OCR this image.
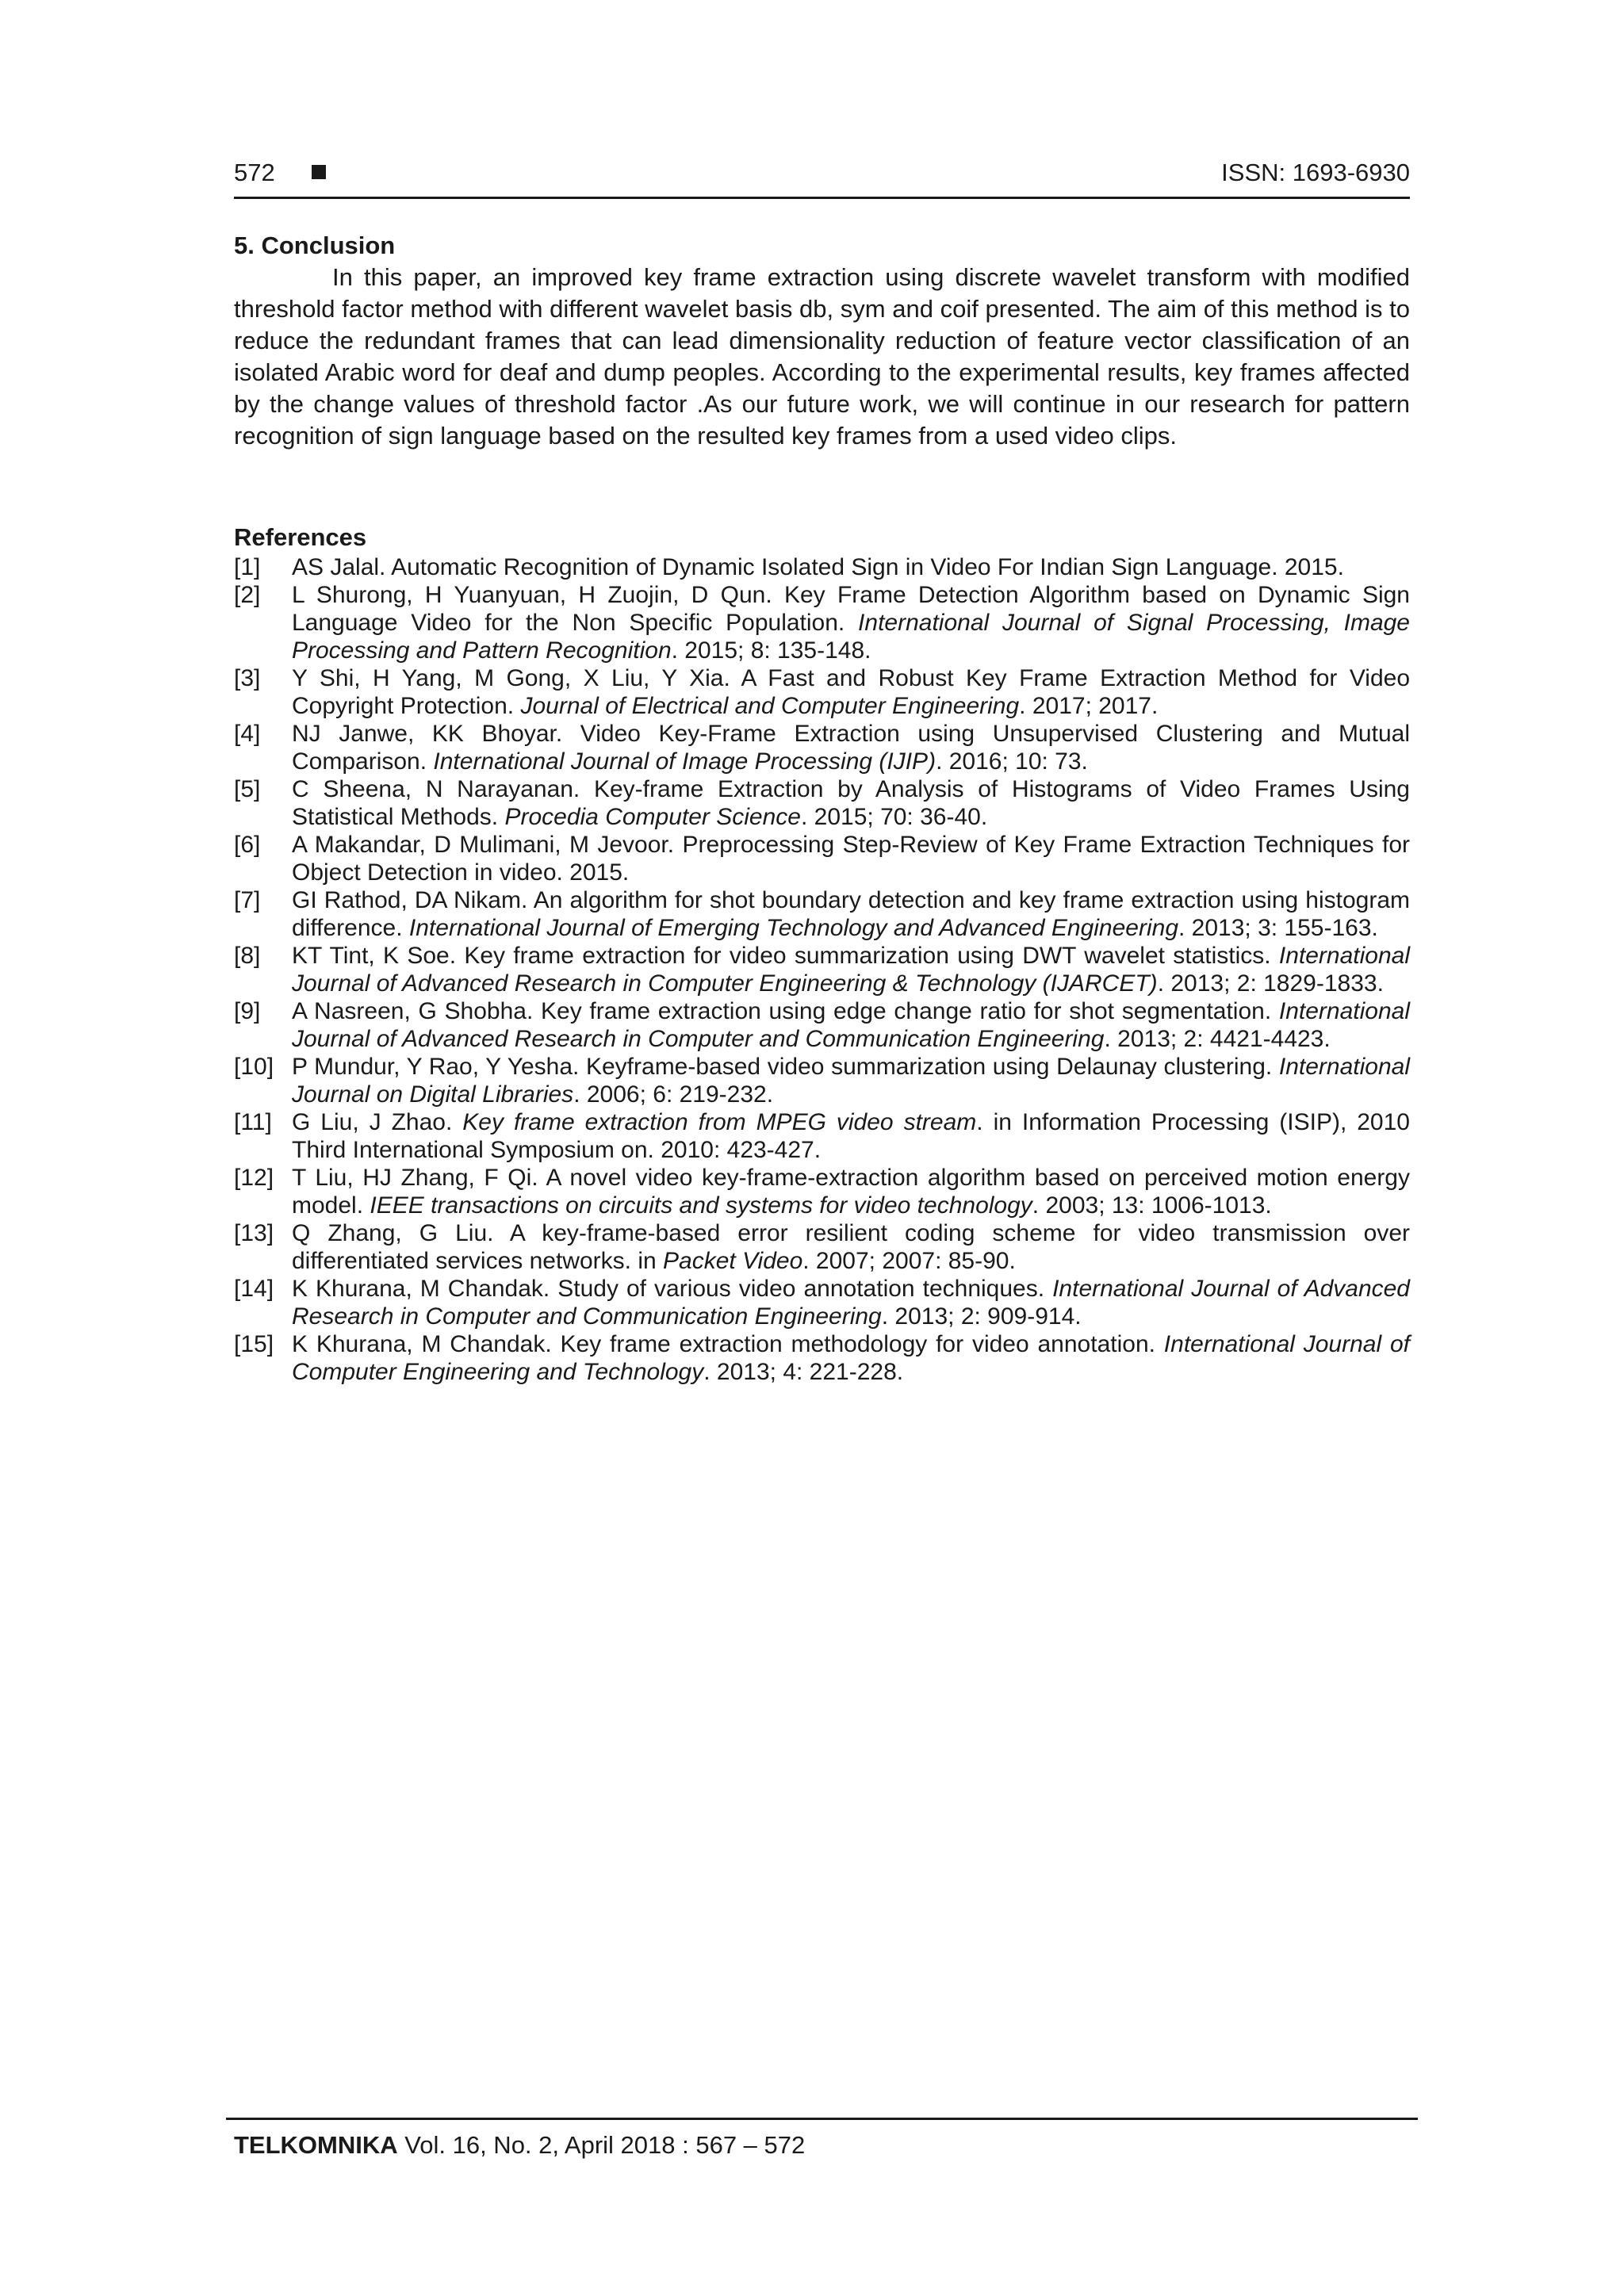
572	ISSN: 1693-6930
5. Conclusion

In this paper, an improved key frame extraction using discrete wavelet transform with modified threshold factor method with different wavelet basis db, sym and coif presented. The aim of this method is to reduce the redundant frames that can lead dimensionality reduction of feature vector classification of an isolated Arabic word for deaf and dump peoples. According to the experimental results, key frames affected by the change values of threshold factor .As our future work, we will continue in our research for pattern recognition of sign language based on the resulted key frames from a used video clips.

References
[1] AS Jalal. Automatic Recognition of Dynamic Isolated Sign in Video For Indian Sign Language. 2015.
[2] L Shurong, H Yuanyuan, H Zuojin, D Qun. Key Frame Detection Algorithm based on Dynamic Sign Language Video for the Non Specific Population. International Journal of Signal Processing, Image Processing and Pattern Recognition. 2015; 8: 135-148.
[3] Y Shi, H Yang, M Gong, X Liu, Y Xia. A Fast and Robust Key Frame Extraction Method for Video Copyright Protection. Journal of Electrical and Computer Engineering. 2017; 2017.
[4] NJ Janwe, KK Bhoyar. Video Key-Frame Extraction using Unsupervised Clustering and Mutual Comparison. International Journal of Image Processing (IJIP). 2016; 10: 73.
[5] C Sheena, N Narayanan. Key-frame Extraction by Analysis of Histograms of Video Frames Using Statistical Methods. Procedia Computer Science. 2015; 70: 36-40.
[6] A Makandar, D Mulimani, M Jevoor. Preprocessing Step-Review of Key Frame Extraction Techniques for Object Detection in video. 2015.
[7] GI Rathod, DA Nikam. An algorithm for shot boundary detection and key frame extraction using histogram difference. International Journal of Emerging Technology and Advanced Engineering. 2013; 3: 155-163.
[8] KT Tint, K Soe. Key frame extraction for video summarization using DWT wavelet statistics. International Journal of Advanced Research in Computer Engineering & Technology (IJARCET). 2013; 2: 1829-1833.
[9] A Nasreen, G Shobha. Key frame extraction using edge change ratio for shot segmentation. International Journal of Advanced Research in Computer and Communication Engineering. 2013; 2: 4421-4423.
[10] P Mundur, Y Rao, Y Yesha. Keyframe-based video summarization using Delaunay clustering. International Journal on Digital Libraries. 2006; 6: 219-232.
[11] G Liu, J Zhao. Key frame extraction from MPEG video stream. in Information Processing (ISIP), 2010 Third International Symposium on. 2010: 423-427.
[12] T Liu, HJ Zhang, F Qi. A novel video key-frame-extraction algorithm based on perceived motion energy model. IEEE transactions on circuits and systems for video technology. 2003; 13: 1006-1013.
[13] Q Zhang, G Liu. A key-frame-based error resilient coding scheme for video transmission over differentiated services networks. in Packet Video. 2007; 2007: 85-90.
[14] K Khurana, M Chandak. Study of various video annotation techniques. International Journal of Advanced Research in Computer and Communication Engineering. 2013; 2: 909-914.
[15] K Khurana, M Chandak. Key frame extraction methodology for video annotation. International Journal of Computer Engineering and Technology. 2013; 4: 221-228.
TELKOMNIKA Vol. 16, No. 2, April 2018 : 567 – 572
